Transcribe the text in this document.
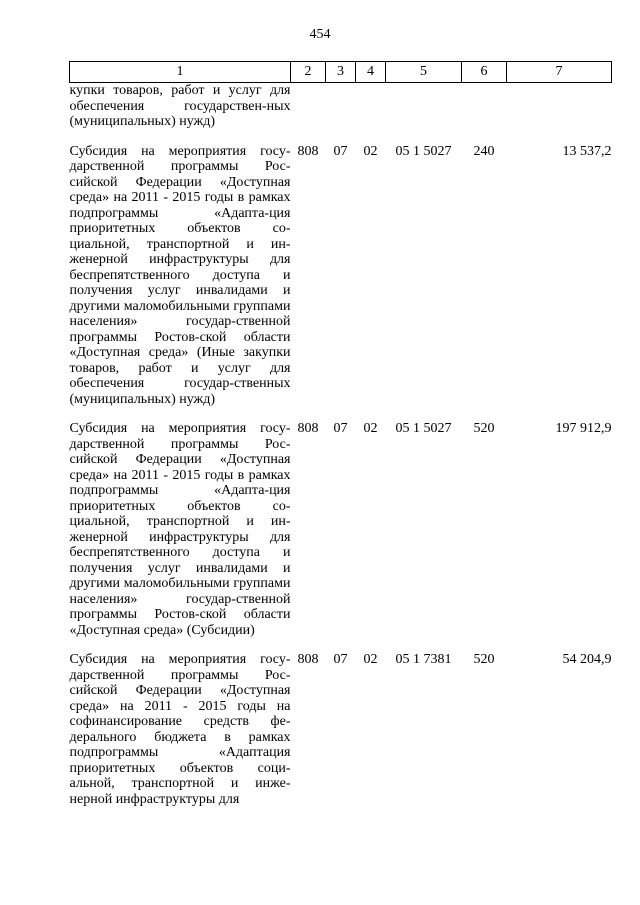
454
1	2	3	4	5	6	7
купки товаров, работ и услуг для обеспечения государствен-ных (муниципальных) нужд)						

Субсидия на мероприятия госу-дарственной программы Рос-сийской Федерации «Доступная среда» на 2011 - 2015 годы в рамках подпрограммы «Адапта-ция приоритетных объектов со-циальной, транспортной и ин-женерной инфраструктуры для беспрепятственного доступа и получения услуг инвалидами и другими маломобильными группами населения» государ-ственной программы Ростов-ской области «Доступная среда» (Иные закупки товаров, работ и услуг для обеспечения государ-ственных (муниципальных) нужд)	808	07	02	05 1 5027	240	13 537,2

Субсидия на мероприятия госу-дарственной программы Рос-сийской Федерации «Доступная среда» на 2011 - 2015 годы в рамках подпрограммы «Адапта-ция приоритетных объектов со-циальной, транспортной и ин-женерной инфраструктуры для беспрепятственного доступа и получения услуг инвалидами и другими маломобильными группами населения» государ-ственной программы Ростов-ской области «Доступная среда» (Субсидии)	808	07	02	05 1 5027	520	197 912,9

Субсидия на мероприятия госу-дарственной программы Рос-сийской Федерации «Доступная среда» на 2011 - 2015 годы на софинансирование средств фе-дерального бюджета в рамках подпрограммы «Адаптация приоритетных объектов соци-альной, транспортной и инже-нерной инфраструктуры для	808	07	02	05 1 7381	520	54 204,9
